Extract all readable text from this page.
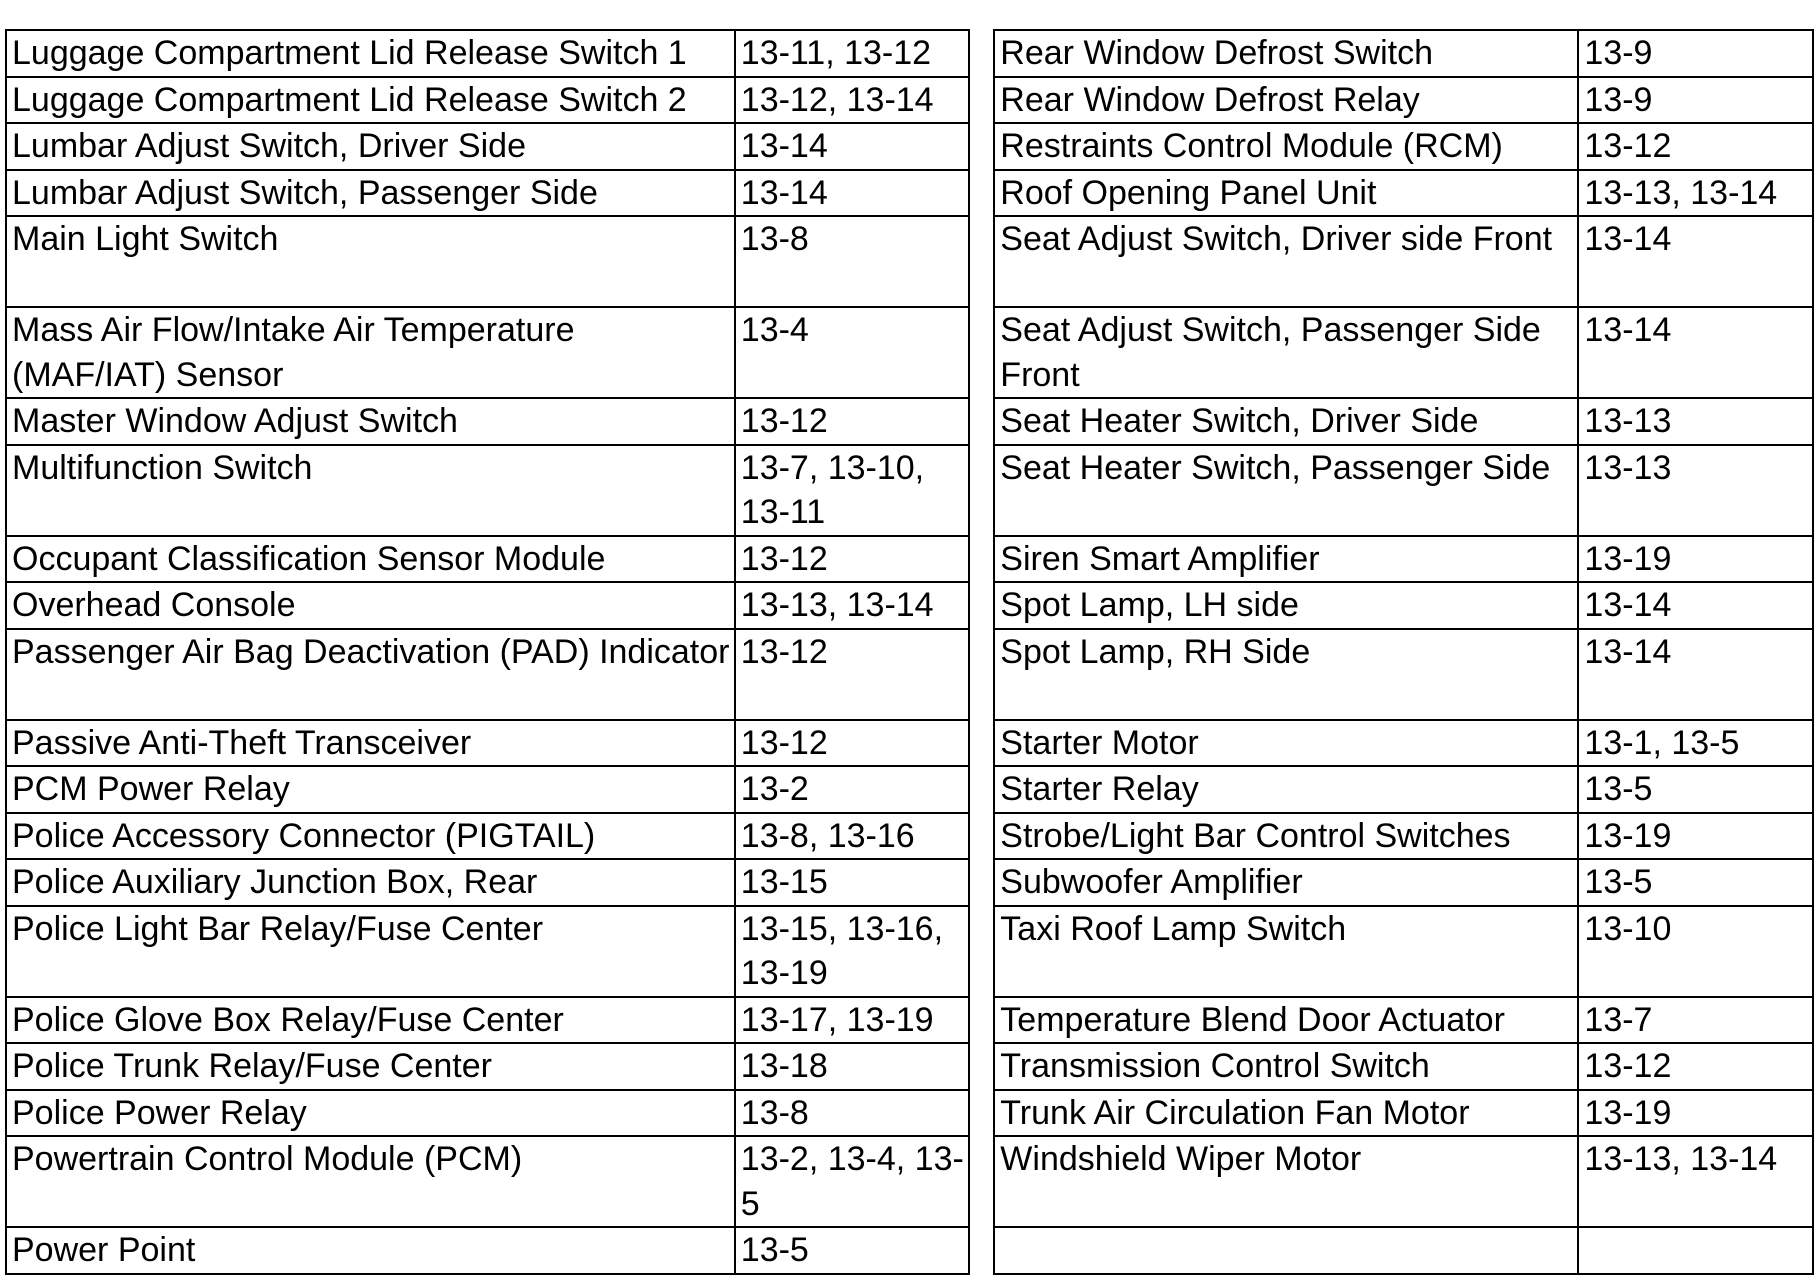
Luggage Compartment Lid Release Switch 1	13-11, 13-12		Rear Window Defrost Switch	13-9
Luggage Compartment Lid Release Switch 2	13-12, 13-14		Rear Window Defrost Relay	13-9
Lumbar Adjust Switch, Driver Side	13-14		Restraints Control Module (RCM)	13-12
Lumbar Adjust Switch, Passenger Side	13-14		Roof Opening Panel Unit	13-13, 13-14
Main Light Switch	13-8		Seat Adjust Switch, Driver side Front	13-14
Mass Air Flow/Intake Air Temperature (MAF/IAT) Sensor	13-4		Seat Adjust Switch, Passenger Side Front	13-14
Master Window Adjust Switch	13-12		Seat Heater Switch, Driver Side	13-13
Multifunction Switch	13-7, 13-10, 13-11		Seat Heater Switch, Passenger Side	13-13
Occupant Classification Sensor Module	13-12		Siren Smart Amplifier	13-19
Overhead Console	13-13, 13-14		Spot Lamp, LH side	13-14
Passenger Air Bag Deactivation (PAD) Indicator	13-12		Spot Lamp, RH Side	13-14
Passive Anti-Theft Transceiver	13-12		Starter Motor	13-1, 13-5
PCM Power Relay	13-2		Starter Relay	13-5
Police Accessory Connector (PIGTAIL)	13-8, 13-16		Strobe/Light Bar Control Switches	13-19
Police Auxiliary Junction Box, Rear	13-15		Subwoofer Amplifier	13-5
Police Light Bar Relay/Fuse Center	13-15, 13-16, 13-19		Taxi Roof Lamp Switch	13-10
Police Glove Box Relay/Fuse Center	13-17, 13-19		Temperature Blend Door Actuator	13-7
Police Trunk Relay/Fuse Center	13-18		Transmission Control Switch	13-12
Police Power Relay	13-8		Trunk Air Circulation Fan Motor	13-19
Powertrain Control Module (PCM)	13-2, 13-4, 13-5		Windshield Wiper Motor	13-13, 13-14
Power Point	13-5			
